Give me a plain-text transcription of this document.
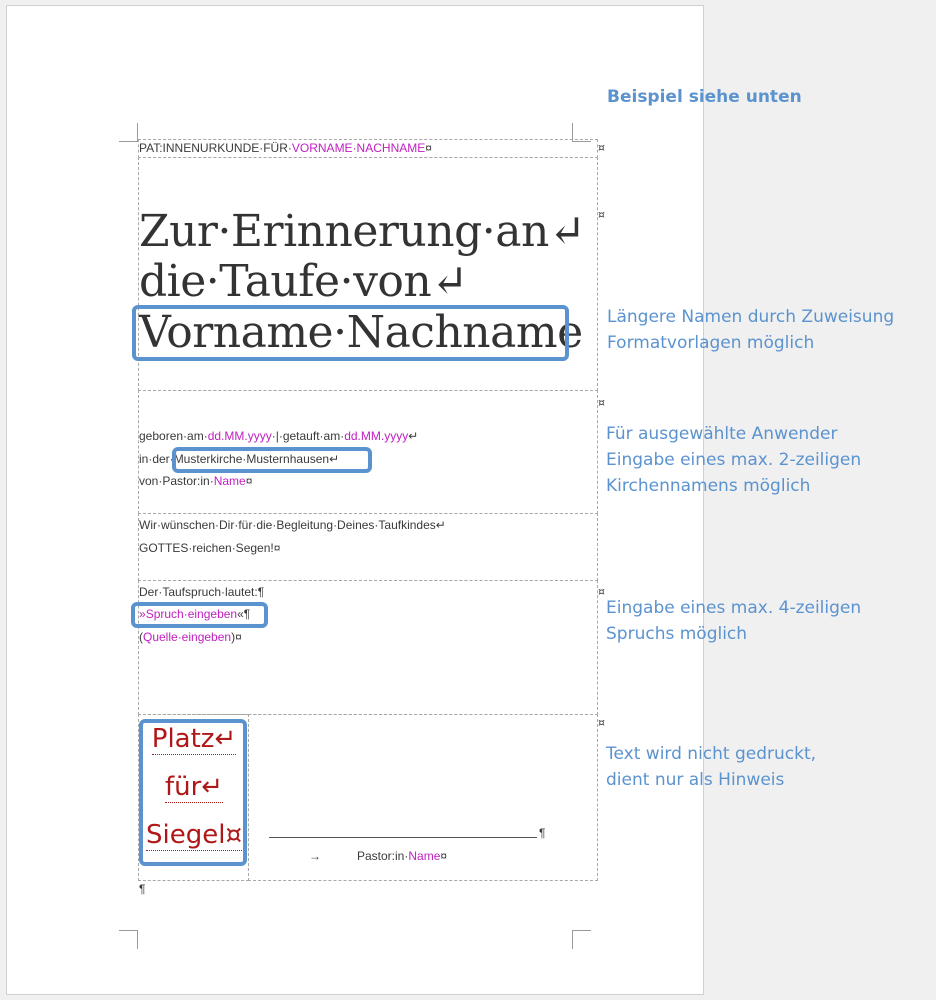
¤
¤
¤
¤
¤
PAT:INNENURKUNDE·FÜR·VORNAME·NACHNAME¤
Zur·Erinnerung·an↵
die·Taufe·von↵
Vorname·Nachname
geboren·am·dd.MM.yyyy·|·getauft·am·dd.MM.yyyy↵
in·der·Musterkirche·Musternhausen↵
von·Pastor:in·Name¤
Wir·wünschen·Dir·für·die·Begleitung·Deines·Taufkindes↵
GOTTES·reichen·Segen!¤
Der·Taufspruch·lautet:¶
»Spruch·eingeben«¶
(Quelle·eingeben)¤
Platz↵
für↵
Siegel¤	¶
→	Pastor:in·Name¤
¶
Beispiel siehe unten
Längere Namen durch Zuweisung
Formatvorlagen möglich
Für ausgewählte Anwender
Eingabe eines max. 2-zeiligen
Kirchennamens möglich
Eingabe eines max. 4-zeiligen
Spruchs möglich
Text wird nicht gedruckt,
dient nur als Hinweis
